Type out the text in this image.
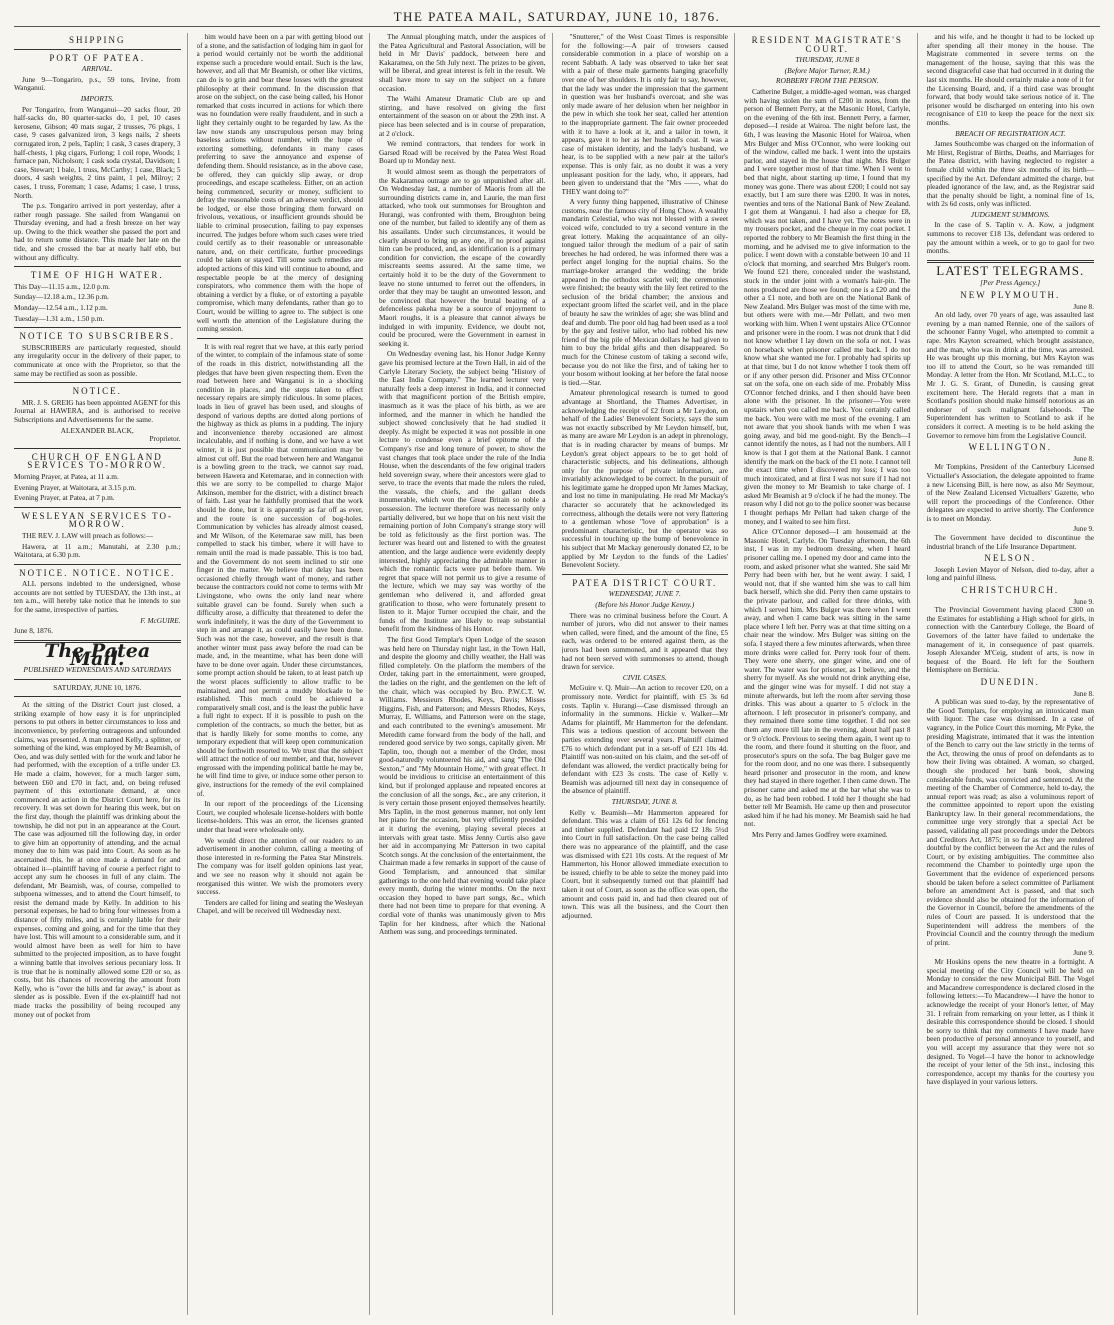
THE PATEA MAIL, SATURDAY, JUNE 10, 1876.
SHIPPING
PORT OF PATEA.
ARRIVAL.

June 9—Tongariro, p.s., 59 tons, Irvine, from Wanganui.

IMPORTS.

Per Tongariro, from Wanganui—20 sacks flour, 20 half-sacks do, 80 quarter-sacks do, 1 pel, 10 cases kerosene, Gibson; 40 mats sugar, 2 trusses, 76 pkgs, 1 case, 9 cases galvanized iron, 3 kegs nails, 2 sheets corrugated iron, 2 pels, Taplin; 1 cask, 3 cases drapery, 3 half-chests, 1 pkg cigars, Furlong; 1 coil rope, Woods; 1 furnace pan, Nicholson; 1 cask soda crystal, Davidson; 1 case, Stewart; 1 bale, 1 truss, McCarthy; 1 case, Black; 5 doors, 4 sash weights, 2 tins paint, 1 pel, Milroy; 2 cases, 1 truss, Foreman; 1 case, Adams; 1 case, 1 truss, North.

The p.s. Tongariro arrived in port yesterday, after a rather rough passage. She sailed from Wanganui on Thursday evening, and had a fresh breeze on her way up. Owing to the thick weather she passed the port and had to return some distance. This made her late on the tide, and she crossed the bar at nearly half ebb, but without any difficulty.

TIME OF HIGH WATER.

This Day—11.15 a.m., 12.0 p.m.

Sunday—12.18 a.m., 12.36 p.m.

Monday—12.54 a.m., 1.12 p.m.

Tuesday—1.31 a.m., 1.50 p.m.

NOTICE TO SUBSCRIBERS.

SUBSCRIBERS are particularly requested, should any irregularity occur in the delivery of their paper, to communicate at once with the Proprietor, so that the same may be rectified as soon as possible.

NOTICE.

MR. J. S. GREIG has been appointed AGENT for this Journal at HAWERA, and is authorised to receive Subscriptions and Advertisements for the same.

ALEXANDER BLACK,
Proprietor.
CHURCH OF ENGLAND SERVICES TO-MORROW.

Morning Prayer, at Patea, at 11 a.m.

Evening Prayer, at Waitotara, at 3.15 p.m.

Evening Prayer, at Patea, at 7 p.m.

WESLEYAN SERVICES TO-MORROW.

THE REV. J. LAW will preach as follows:—

Hawera, at 11 a.m.; Manutahi, at 2.30 p.m.; Waitotara, at 6.30 p.m.

NOTICE. NOTICE. NOTICE.

ALL persons indebted to the undersigned, whose accounts are not settled by TUESDAY, the 13th inst., at ten a.m., will hereby take notice that he intends to sue for the same, irrespective of parties.

F. McGUIRE.
June 8, 1876.
The Patea Mail.
PUBLISHED WEDNESDAYS AND SATURDAYS
SATURDAY, JUNE 10, 1876.

At the sitting of the District Court just closed, a striking example of how easy it is for unprincipled persons to put others in better circumstances to loss and inconvenience, by preferring outrageous and unfounded claims, was presented. A man named Kelly, a splitter, or something of the kind, was employed by Mr Beamish, of Oeo, and was duly settled with for the work and labor he had performed, with the exception of a trifle under £3. He made a claim, however, for a much larger sum, between £60 and £70 in fact, and, on being refused payment of this extortionate demand, at once commenced an action in the District Court here, for its recovery. It was set down for hearing this week, but on the first day, though the plaintiff was drinking about the township, he did not put in an appearance at the Court. The case was adjourned till the following day, in order to give him an opportunity of attending, and the actual money due to him was paid into Court. As soon as he ascertained this, he at once made a demand for and obtained it—plaintiff having of course a perfect right to accept any sum he chooses in full of any claim. The defendant, Mr Beamish, was, of course, compelled to subpoena witnesses, and to attend the Court himself, to resist the demand made by Kelly. In addition to his personal expenses, he had to bring four witnesses from a distance of fifty miles, and is certainly liable for their expenses, coming and going, and for the time that they have lost. This will amount to a considerable sum, and it would almost have been as well for him to have submitted to the projected imposition, as to have fought a winning battle that involves serious pecuniary loss. It is true that he is nominally allowed some £20 or so, as costs, but his chances of recovering the amount from Kelly, who is "over the hills and far away," is about as slender as is possible. Even if the ex-plaintiff had not made tracks the possibility of being recouped any money out of pocket from

him would have been on a par with getting blood out of a stone, and the satisfaction of lodging him in gaol for a period would certainly not be worth the additional expense such a procedure would entail. Such is the law, however, and all that Mr Beamish, or other like victims, can do is to grin and bear these losses with the greatest philosophy at their command. In the discussion that arose on the subject, on the case being called, his Honor remarked that costs incurred in actions for which there was no foundation were really fraudulent, and in such a light they certainly ought to be regarded by law. As the law now stands any unscrupulous person may bring baseless actions without number, with the hope of extorting something, defendants in many cases preferring to save the annoyance and expense of defending them. Should resistance, as in the above case, be offered, they can quickly slip away, or drop proceedings, and escape scatheless. Either, on an action being commenced, security or money, sufficient to defray the reasonable costs of an adverse verdict, should be lodged, or else those bringing them forward on frivolous, vexatious, or insufficient grounds should be liable to criminal prosecution, failing to pay expenses incurred. The judges before whom such cases were tried could certify as to their reasonable or unreasonable nature, and, on their certificate, further proceedings could be taken or stayed. Till some such remedies are adopted actions of this kind will continue to abound, and respectable people be at the mercy of designing conspirators, who commence them with the hope of obtaining a verdict by a fluke, or of extorting a payable compromise, which many defendants, rather than go to Court, would be willing to agree to. The subject is one well worth the attention of the Legislature during the coming session.

It is with real regret that we have, at this early period of the winter, to complain of the infamous state of some of the roads in this district, notwithstanding all the pledges that have been given respecting them. Even the road between here and Wanganui is in a shocking condition in places, and the steps taken to effect necessary repairs are simply ridiculous. In some places, loads in lieu of gravel has been used, and sloughs of despond of various depths are dotted along portions of the highway as thick as plums in a pudding. The injury and inconvenience thereby occasioned are almost incalculable, and if nothing is done, and we have a wet winter, it is just possible that communication may be almost cut off. But the road between here and Wanganui is a bowling green to the track, we cannot say road, between Hawera and Ketemarae, and in connection with this we are sorry to be compelled to charge Major Atkinson, member for the district, with a distinct breach of faith. Last year he faithfully promised that the work should be done, but it is apparently as far off as ever, and the route is one succession of bog-holes. Communication by vehicles has already almost ceased, and Mr Wilson, of the Ketemarae saw mill, has been compelled to stack his timber, where it will have to remain until the road is made passable. This is too bad, and the Government do not seem inclined to stir one finger in the matter. We believe that delay has been occasioned chiefly through want of money, and rather because the contractors could not come to terms with Mr Livingstone, who owns the only land near where suitable gravel can be found. Surely when such a difficulty arose, a difficulty that threatened to defer the work indefinitely, it was the duty of the Government to step in and arrange it, as could easily have been done. Such was not the case, however, and the result is that another winter must pass away before the road can be made, and, in the meantime, what has been done will have to be done over again. Under these circumstances, some prompt action should be taken, to at least patch up the worst places sufficiently to allow traffic to be maintained, and not permit a muddy blockade to be established. This much could be achieved a comparatively small cost, and is the least the public have a full right to expect. If it is possible to push on the completion of the contracts, so much the better, but as that is hardly likely for some months to come, any temporary expedient that will keep open communication should be forthwith resorted to. We trust that the subject will attract the notice of our member, and that, however engrossed with the impending political battle he may be, he will find time to give, or induce some other person to give, instructions for the remedy of the evil complained of.

In our report of the proceedings of the Licensing Court, we coupled wholesale license-holders with bottle license-holders. This was an error, the licenses granted under that head were wholesale only.

We would direct the attention of our readers to an advertisement in another column, calling a meeting of those interested in re-forming the Patea Star Minstrels. The company was for itself golden opinions last year, and we see no reason why it should not again be reorganised this winter. We wish the promoters every success.

Tenders are called for lining and seating the Wesleyan Chapel, and will be received till Wednesday next.

The Annual ploughing match, under the auspices of the Patea Agricultural and Pastoral Association, will be held in Mr Davis' paddock, between here and Kakaramea, on the 5th July next. The prizes to be given, will be liberal, and great interest is felt in the result. We shall have more to say on the subject on a future occasion.

The Waihi Amateur Dramatic Club are up and stirring, and have resolved on giving the first entertainment of the season on or about the 29th inst. A piece has been selected and is in course of preparation, at 2 o'clock.

We remind contractors, that tenders for work in Garsed Road will be received by the Patea West Road Board up to Monday next.

It would almost seem as though the perpetrators of the Kakaramea outrage are to go unpunished after all. On Wednesday last, a number of Maoris from all the surrounding districts came in, and Laurie, the man first attacked, who took out summonses for Broughton and Hurangi, was confronted with them, Broughton being one of the number, but failed to identify any of them as his assailants. Under such circumstances, it would be clearly absurd to bring up any one, if no proof against him can be produced, and, as identification is a primary condition for conviction, the escape of the cowardly miscreants seems assured. At the same time, we certainly hold it to be the duty of the Government to leave no stone unturned to ferret out the offenders, in order that they may be taught an unwonted lesson, and be convinced that however the brutal beating of a defenceless pakeha may be a source of enjoyment to Maori roughs, it is a pleasure that cannot always be indulged in with impunity. Evidence, we doubt not, could be procured, were the Government in earnest in seeking it.

On Wednesday evening last, his Honor Judge Kenny gave his promised lecture at the Town Hall, in aid of the Carlyle Literary Society, the subject being "History of the East India Company." The learned lecturer very naturally feels a deep interest in India, and it connected with that magnificent portion of the British empire, inasmuch as it was the place of his birth, as we are informed, and the manner in which he handled the subject showed conclusively that he had studied it deeply. As might be expected it was not possible in one lecture to condense even a brief epitome of the Company's rise and long tenure of power, to show the vast changes that took place under the rule of the India House, when the descendants of the few original traders held sovereign sway, where their ancestors were glad to serve, to trace the events that made the rulers the ruled, the vassals, the chiefs, and the gallant deeds innumerable, which won the Great Britain so noble a possession. The lecturer therefore was necessarily only partially delivered, but we hope that on his next visit the remaining portion of John Company's strange story will be told as felicitously as the first portion was. The lecturer was heard out and listened to with the greatest attention, and the large audience were evidently deeply interested, highly appreciating the admirable manner in which the romantic facts were put before them. We regret that space will not permit us to give a resume of the lecture, which we may say was worthy of the gentleman who delivered it, and afforded great gratification to those, who were fortunately present to listen to it. Major Turner occupied the chair, and the funds of the Institute are likely to reap substantial benefit from the kindness of his Honor.

The first Good Templar's Open Lodge of the season was held here on Thursday night last, in the Town Hall, and despite the gloomy and chilly weather, the Hall was filled completely. On the platform the members of the Order, taking part in the entertainment, were grouped, the ladies on the right, and the gentlemen on the left of the chair, which was occupied by Bro. P.W.C.T. W. Williams. Messieurs Rhodes, Keys, Davis; Misses Higgins, Fish, and Patterson; and Messrs Rhodes, Keys, Murray, E. Williams, and Patterson were on the stage, and each contributed to the evening's amusement. Mr Meredith came forward from the body of the hall, and rendered good service by two songs, capitally given. Mr Taplin, too, though not a member of the Order, most good-naturedly volunteered his aid, and sang "The Old Sexton," and "My Mountain Home," with great effect. It would be invidious to criticise an entertainment of this kind, but if prolonged applause and repeated encores at the conclusion of all the songs, &c., are any criterion, it is very certain those present enjoyed themselves heartily. Mrs Taplin, in the most generous manner, not only lent her piano for the occasion, but very efficiently presided at it during the evening, playing several pieces at intervals with great taste. Miss Jenny Curtis also gave her aid in accompanying Mr Patterson in two capital Scotch songs. At the conclusion of the entertainment, the Chairman made a few remarks in support of the cause of Good Templarism, and announced that similar gatherings to the one held that evening would take place every month, during the winter months. On the next occasion they hoped to have part songs, &c., which there had not been time to prepare for that evening. A cordial vote of thanks was unanimously given to Mrs Taplin for her kindness, after which the National Anthem was sung, and proceedings terminated.

"Snutterer," of the West Coast Times is responsible for the following:—A pair of trowsers caused considerable commotion in a place of worship on a recent Sabbath. A lady was observed to take her seat with a pair of these male garments hanging gracefully over one of her shoulders. It is only fair to say, however, that the lady was under the impression that the garment in question was her husband's overcoat, and she was only made aware of her delusion when her neighbor in the pew in which she took her seat, called her attention to the inappropriate garment. The fair owner proceeded with it to have a look at it, and a tailor in town, it appears, gave it to her as her husband's coat. It was a case of mistaken identity, and the lady's husband, we hear, is to be supplied with a new pair at the tailor's expense. This is only fair, as no doubt it was a very unpleasant position for the lady, who, it appears, had been given to understand that the "Mrs ——, what do THEY want doing to?"

A very funny thing happened, illustrative of Chinese customs, near the famous city of Hong Chow. A wealthy mandarin Celestial, who was not blessed with a sweet voiced wife, concluded to try a second venture in the great lottery. Making the acquaintance of an oily-tongued tailor through the medium of a pair of satin breeches he had ordered, he was informed there was a perfect angel longing for the nuptial chains. So the marriage-broker arranged the wedding; the bride appeared in the orthodox scarlet veil; the ceremonies were finished; the beauty with the lily feet retired to the seclusion of the bridal chamber; the anxious and expectant groom lifted the scarlet veil, and in the place of beauty he saw the wrinkles of age; she was blind and deaf and dumb. The poor old hag had been used as a tool by the gay and festive tailor, who had robbed his new friend of the big pile of Mexican dollars he had given to him to buy the bridal gifts and then disappeared. So much for the Chinese custom of taking a second wife, because you do not like the first, and of taking her to your bosom without looking at her before the fatal noose is tied.—Star.

Amateur phrenological research is turned to good advantage at Shortland, the Thames Advertiser, in acknowledging the receipt of £2 from a Mr Leydon, on behalf of the Ladies' Benevolent Society, says the sum was not exactly subscribed by Mr Leydon himself, but, as many are aware Mr Leydon is an adept in phrenology, that is in reading character by means of bumps. Mr Leydon's great object appears to be to get hold of characteristic subjects, and his delineations, although only for the purpose of private information, are invariably acknowledged to be correct. In the pursuit of his legitimate game he dropped upon Mr James Mackay, and lost no time in manipulating. He read Mr Mackay's character so accurately that he acknowledged its correctness, although the details were not very flattering to a gentleman whose "love of approbation" is a predominant characteristic, but the operator was so successful in touching up the bump of benevolence in his subject that Mr Mackay generously donated £2, to be applied by Mr Leydon to the funds of the Ladies' Benevolent Society.

PATEA DISTRICT COURT.
WEDNESDAY, JUNE 7.
(Before his Honor Judge Kenny.)

There was no criminal business before the Court. A number of jurors, who did not answer to their names when called, were fined, and the amount of the fine, £5 each, was ordered to be entered against them, as the jurors had been summoned, and it appeared that they had not been served with summonses to attend, though drawn for service.

CIVIL CASES.

McGuire v. Q. Muir—An action to recover £20, on a promissory note. Verdict for plaintiff, with £5 3s 6d costs. Taplin v. Hurangi—Case dismissed through an informality in the summons. Hickie v. Walker—Mr Adams for plaintiff, Mr Hammerton for the defendant. This was a tedious question of account between the parties extending over several years. Plaintiff claimed £76 to which defendant put in a set-off of £21 10s 4d. Plaintiff was non-suited on his claim, and the set-off of defendant was allowed, the verdict practically being for defendant with £23 3s costs. The case of Kelly v. Beamish was adjourned till next day in consequence of the absence of plaintiff.

THURSDAY, JUNE 8.

Kelly v. Beamish—Mr Hammerton appeared for defendant. This was a claim of £61 12s 6d for fencing and timber supplied. Defendant had paid £2 18s 5½d into Court in full satisfaction. On the case being called there was no appearance of the plaintiff, and the case was dismissed with £21 10s costs. At the request of Mr Hammerton, his Honor allowed immediate execution to be issued, chiefly to be able to seize the money paid into Court, but it subsequently turned out that plaintiff had taken it out of Court, as soon as the office was open, the amount and costs paid in, and had then cleared out of town. This was all the business, and the Court then adjourned.

RESIDENT MAGISTRATE'S COURT.
THURSDAY, JUNE 8
(Before Major Turner, R.M.)
ROBBERY FROM THE PERSON.

Catherine Bulger, a middle-aged woman, was charged with having stolen the sum of £200 in notes, from the person of Bennett Perry, at the Masonic Hotel, Carlyle, on the evening of the 6th inst. Bennett Perry, a farmer, deposed—I reside at Wairoa. The night before last, the 6th, I was leaving the Masonic Hotel for Wairoa, when Mrs Bulger and Miss O'Connor, who were looking out of the window, called me back. I went into the upstairs parlor, and stayed in the house that night. Mrs Bulger and I were together most of that time. When I went to bed that night, about starting up time, I found that my money was gone. There was about £200; I could not say exactly, but I am sure there was £200. It was in notes, twenties and tens of the National Bank of New Zealand. I got them at Wanganui. I had also a cheque for £8, which was not taken, and I have yet. The notes were in my trousers pocket, and the cheque in my coat pocket. I reported the robbery to Mr Beamish the first thing in the morning, and he advised me to give information to the police. I went down with a constable between 10 and 11 o'clock that morning, and searched Mrs Bulger's room. We found £21 there, concealed under the washstand, stuck in the under joint with a woman's hair-pin. The notes produced are those we found; one is a £20 and the other a £1 note, and both are on the National Bank of New Zealand. Mrs Bulger was most of the time with me, but others were with me.—Mr Pellatt, and two men working with him. When I went upstairs Alice O'Connor and prisoner were in the room. I was not drunk that I did not know whether I lay down on the sofa or not. I was on horseback when prisoner called me back. I do not know what she wanted me for. I probably had spirits up at that time, but I do not know whether I took them off or if any other person did. Prisoner and Miss O'Connor sat on the sofa, one on each side of me. Probably Miss O'Connor fetched drinks, and I then should have been alone with the prisoner. In the prisoner—You were upstairs when you called me back. You certainly called me back. You were with me most of the evening. I am not aware that you shook hands with me when I was going away, and bid me good-night. By the Bench—I cannot identify the notes, as I had not the numbers. All I know is that I got them at the National Bank. I cannot identify the mark on the back of the £1 note. I cannot tell the exact time when I discovered my loss; I was too much intoxicated, and at first I was not sure if I had not given the money to Mr Beamish to take charge of. I asked Mr Beamish at 9 o'clock if he had the money. The reason why I did not go to the police sooner was because I thought perhaps Mr Pellatt had taken charge of the money, and I waited to see him first.

Alice O'Connor deposed—I am housemaid at the Masonic Hotel, Carlyle. On Tuesday afternoon, the 6th inst, I was in my bedroom dressing, when I heard prisoner calling me. I opened my door and came into the room, and asked prisoner what she wanted. She said Mr Perry had been with her, but he went away. I said, I would not, that if she wanted him she was to call him back herself, which she did. Perry then came upstairs to the private parlour, and called for three drinks, with which I served him. Mrs Bulger was there when I went away, and when I came back was sitting in the same place where I left her. Perry was at that time sitting on a chair near the window. Mrs Bulger was sitting on the sofa. I stayed there a few minutes afterwards, when three more drinks were called for. Perry took four of them. They were one sherry, one ginger wine, and one of water. The water was for prisoner, as I believe, and the sherry for myself. As she would not drink anything else, and the ginger wine was for myself. I did not stay a minute afterwards, but left the room after serving those drinks. This was about a quarter to 5 o'clock in the afternoon. I left prosecutor in prisoner's company, and they remained there some time together. I did not see them any more till late in the evening, about half past 8 or 9 o'clock. Previous to seeing them again, I went up to the room, and there found it shutting on the floor, and prosecutor's spurs on the sofa. The bag Bulger gave me for the room door, and no one was there. I subsequently heard prisoner and prosecutor in the room, and knew they had stayed in there together. I then came down. The prisoner came and asked me at the bar what she was to do, as he had been robbed. I told her I thought she had better tell Mr Beamish. He came up then and prosecutor asked him if he had his money. Mr Beamish said he had not.

Mrs Perry and James Godfrey were examined.

and his wife, and he thought it had to be locked up after spending all their money in the house. The Magistrate commented in severe terms on the management of the house, saying that this was the second disgraceful case that had occurred in it during the last six months. He should certainly make a note of it for the Licensing Board, and, if a third case was brought forward, that body would take serious notice of it. The prisoner would be discharged on entering into his own recognisance of £10 to keep the peace for the next six months.

BREACH OF REGISTRATION ACT.

James Southcombe was charged on the information of Mr Hirst, Registrar of Births, Deaths, and Marriages for the Patea district, with having neglected to register a female child within the three six months of its birth—specified by the Act. Defendant admitted the charge, but pleaded ignorance of the law, and, as the Registrar said that the penalty should be light, a nominal fine of 1s, with 2s 6d costs, only was inflicted.

JUDGMENT SUMMONS.

In the case of S. Taplin v. A. Kow, a judgment summons to recover £18 13s, defendant was ordered to pay the amount within a week, or to go to gaol for two months.

LATEST TELEGRAMS.
[Per Press Agency.]
NEW PLYMOUTH.
June 8.

An old lady, over 70 years of age, was assaulted last evening by a man named Rennie, one of the sailors of the schooner Fanny Vogel, who attempted to commit a rape. Mrs Kayton screamed, which brought assistance, and the man, who was in drink at the time, was arrested. He was brought up this morning, but Mrs Kayton was too ill to attend the Court, so he was remanded till Monday. A letter from the Hon. Mr Scotland, M.L.C., to Mr J. G. S. Grant, of Dunedin, is causing great excitement here. The Herald regrets that a man in Scotland's position should make himself notorious as an endorser of such malignant falsehoods. The Superintendent has written to Scotland to ask if he considers it correct. A meeting is to be held asking the Governor to remove him from the Legislative Council.

WELLINGTON.
June 8.

Mr Tompkins, President of the Canterbury Licensed Victualler's Association, the delegate appointed to frame a new Licensing Bill, is here now, as also Mr Seymour, of the New Zealand Licensed Victuallers' Gazette, who will report the proceedings of the Conference. Other delegates are expected to arrive shortly. The Conference is to meet on Monday.

June 9.

The Government have decided to discontinue the industrial branch of the Life Insurance Department.

NELSON.

Joseph Levien Mayor of Nelson, died to-day, after a long and painful illness.

CHRISTCHURCH.
June 9.

The Provincial Government having placed £300 on the Estimates for establishing a High school for girls, in connection with the Canterbury College, the Board of Governors of the latter have failed to undertake the management of it, in consequence of past quarrels. Joseph Alexander M'Ceig, student of arts, is now in bequest of the Board. He left for the Southern Hemisphere on Bernicia.

DUNEDIN.
June 8.

A publican was sued to-day, by the representative of the Good Templars, for employing an intoxicated man with liquor. The case was dismissed. In a case of vagrancy, in the Police Court this morning, Mr Pyke, the presiding Magistrate, intimated that it was the intention of the Bench to carry out the law strictly in the terms of the Act, throwing the onus of proof on defendants as to how their living was obtained. A woman, so charged, though she produced her bank book, showing considerable funds, was convicted and sentenced. At the meeting of the Chamber of Commerce, held to-day, the annual report was read; as also a voluminous report of the committee appointed to report upon the existing Bankruptcy law. In their general recommendations, the committee urge very strongly that a special Act be passed, validating all past proceedings under the Debtors and Creditors Act, 1875; in so far as they are rendered doubtful by the conflict between the Act and the rules of Court, or by existing ambiguities. The committee also recommend the Chamber to pointedly urge upon the Government that the evidence of experienced persons should be taken before a select committee of Parliament before an amendment Act is passed, and that such evidence should also be obtained for the information of the Governor in Council, before the amendments of the rules of Court are passed. It is understood that the Superintendent will address the members of the Provincial Council and the country through the medium of print.

June 9.

Mr Hoskins opens the new theatre in a fortnight. A special meeting of the City Council will be held on Monday to consider the new Municipal Bill. The Vogel and Macandrew correspondence is declared closed in the following letters:—To Macandrew—I have the honor to acknowledge the receipt of your Honor's letter, of May 31. I refrain from remarking on your letter, as I think it desirable this correspondence should be closed. I should be sorry to think that my comments I have made have been productive of personal annoyance to yourself, and you will accept my assurance that they were not so designed. To Vogel—I have the honor to acknowledge the receipt of your letter of the 5th inst., inclosing this correspondence, accept my thanks for the courtesy you have displayed in your various letters.
